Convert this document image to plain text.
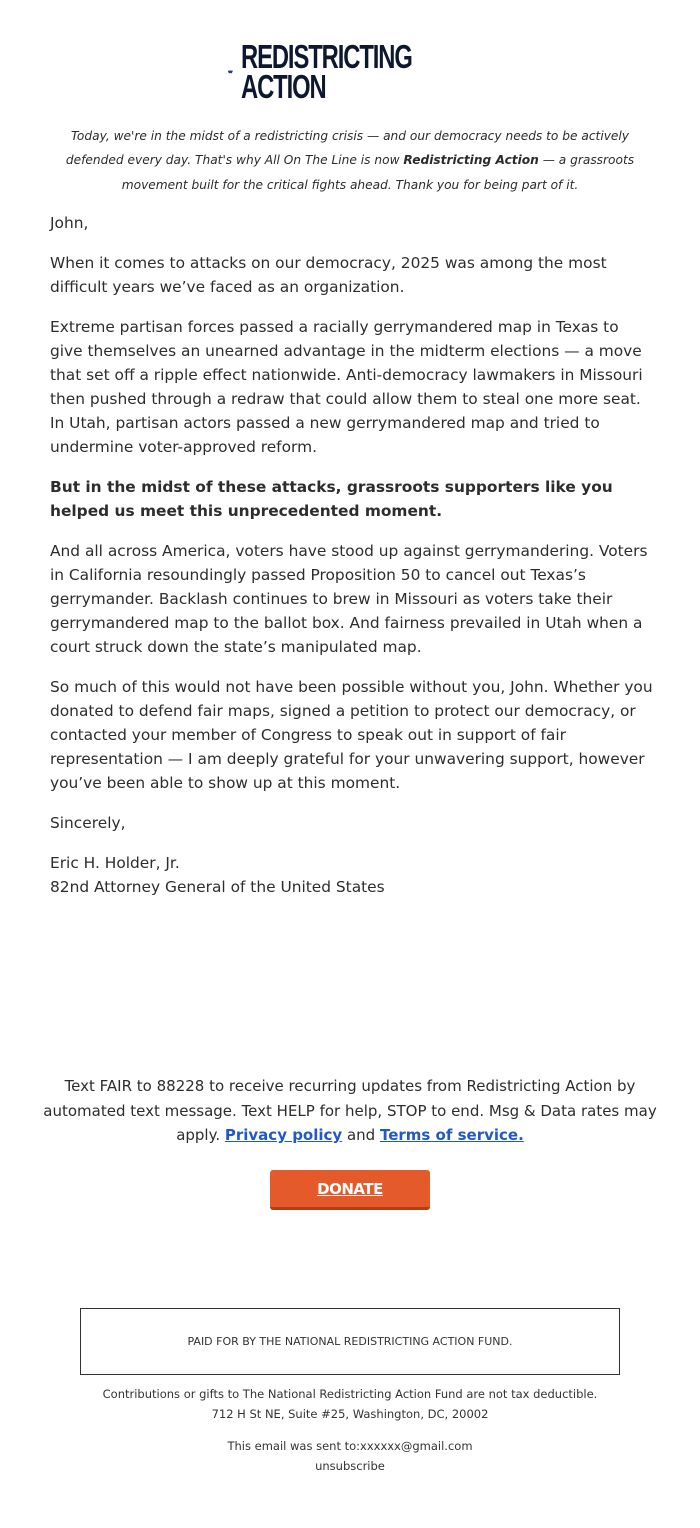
REDISTRICTING
ACTION
Today, we're in the midst of a redistricting crisis — and our democracy needs to be actively defended every day. That's why All On The Line is now Redistricting Action — a grassroots movement built for the critical fights ahead. Thank you for being part of it.

John,

When it comes to attacks on our democracy, 2025 was among the most difficult years we’ve faced as an organization.

Extreme partisan forces passed a racially gerrymandered map in Texas to give themselves an unearned advantage in the midterm elections — a move that set off a ripple effect nationwide. Anti-democracy lawmakers in Missouri then pushed through a redraw that could allow them to steal one more seat. In Utah, partisan actors passed a new gerrymandered map and tried to undermine voter-approved reform.

But in the midst of these attacks, grassroots supporters like you helped us meet this unprecedented moment.

And all across America, voters have stood up against gerrymandering. Voters in California resoundingly passed Proposition 50 to cancel out Texas’s gerrymander. Backlash continues to brew in Missouri as voters take their gerrymandered map to the ballot box. And fairness prevailed in Utah when a court struck down the state’s manipulated map.

So much of this would not have been possible without you, John. Whether you donated to defend fair maps, signed a petition to protect our democracy, or contacted your member of Congress to speak out in support of fair representation — I am deeply grateful for your unwavering support, however you’ve been able to show up at this moment.

Sincerely,

Eric H. Holder, Jr.
82nd Attorney General of the United States

Text FAIR to 88228 to receive recurring updates from Redistricting Action by automated text message. Text HELP for help, STOP to end. Msg & Data rates may apply. Privacy policy and Terms of service.
DONATE
PAID FOR BY THE NATIONAL REDISTRICTING ACTION FUND.
Contributions or gifts to The National Redistricting Action Fund are not tax deductible.
712 H St NE, Suite #25, Washington, DC, 20002
This email was sent to:xxxxxx@gmail.com
unsubscribe
